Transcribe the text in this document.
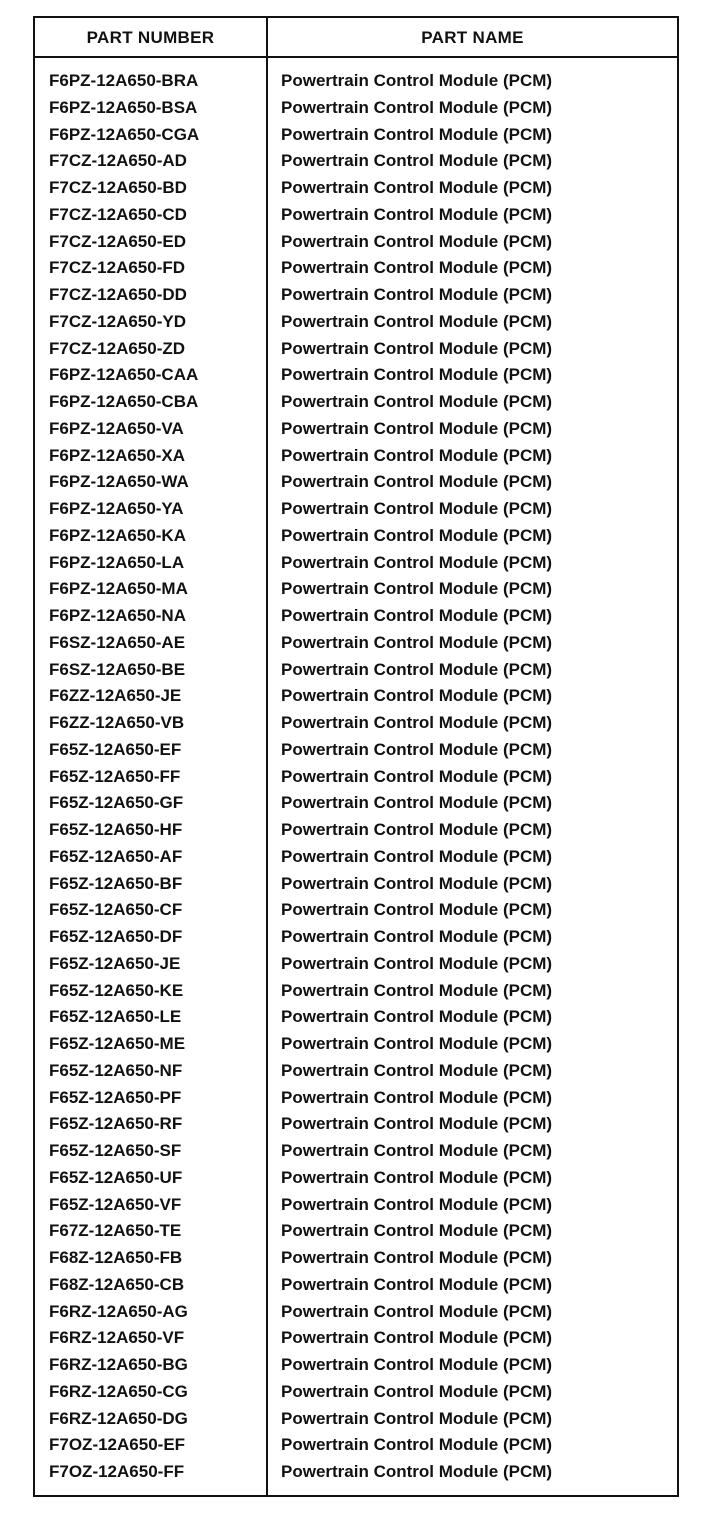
PART NUMBER	PART NAME
F6PZ-12A650-BRA	Powertrain Control Module (PCM)
F6PZ-12A650-BSA	Powertrain Control Module (PCM)
F6PZ-12A650-CGA	Powertrain Control Module (PCM)
F7CZ-12A650-AD	Powertrain Control Module (PCM)
F7CZ-12A650-BD	Powertrain Control Module (PCM)
F7CZ-12A650-CD	Powertrain Control Module (PCM)
F7CZ-12A650-ED	Powertrain Control Module (PCM)
F7CZ-12A650-FD	Powertrain Control Module (PCM)
F7CZ-12A650-DD	Powertrain Control Module (PCM)
F7CZ-12A650-YD	Powertrain Control Module (PCM)
F7CZ-12A650-ZD	Powertrain Control Module (PCM)
F6PZ-12A650-CAA	Powertrain Control Module (PCM)
F6PZ-12A650-CBA	Powertrain Control Module (PCM)
F6PZ-12A650-VA	Powertrain Control Module (PCM)
F6PZ-12A650-XA	Powertrain Control Module (PCM)
F6PZ-12A650-WA	Powertrain Control Module (PCM)
F6PZ-12A650-YA	Powertrain Control Module (PCM)
F6PZ-12A650-KA	Powertrain Control Module (PCM)
F6PZ-12A650-LA	Powertrain Control Module (PCM)
F6PZ-12A650-MA	Powertrain Control Module (PCM)
F6PZ-12A650-NA	Powertrain Control Module (PCM)
F6SZ-12A650-AE	Powertrain Control Module (PCM)
F6SZ-12A650-BE	Powertrain Control Module (PCM)
F6ZZ-12A650-JE	Powertrain Control Module (PCM)
F6ZZ-12A650-VB	Powertrain Control Module (PCM)
F65Z-12A650-EF	Powertrain Control Module (PCM)
F65Z-12A650-FF	Powertrain Control Module (PCM)
F65Z-12A650-GF	Powertrain Control Module (PCM)
F65Z-12A650-HF	Powertrain Control Module (PCM)
F65Z-12A650-AF	Powertrain Control Module (PCM)
F65Z-12A650-BF	Powertrain Control Module (PCM)
F65Z-12A650-CF	Powertrain Control Module (PCM)
F65Z-12A650-DF	Powertrain Control Module (PCM)
F65Z-12A650-JE	Powertrain Control Module (PCM)
F65Z-12A650-KE	Powertrain Control Module (PCM)
F65Z-12A650-LE	Powertrain Control Module (PCM)
F65Z-12A650-ME	Powertrain Control Module (PCM)
F65Z-12A650-NF	Powertrain Control Module (PCM)
F65Z-12A650-PF	Powertrain Control Module (PCM)
F65Z-12A650-RF	Powertrain Control Module (PCM)
F65Z-12A650-SF	Powertrain Control Module (PCM)
F65Z-12A650-UF	Powertrain Control Module (PCM)
F65Z-12A650-VF	Powertrain Control Module (PCM)
F67Z-12A650-TE	Powertrain Control Module (PCM)
F68Z-12A650-FB	Powertrain Control Module (PCM)
F68Z-12A650-CB	Powertrain Control Module (PCM)
F6RZ-12A650-AG	Powertrain Control Module (PCM)
F6RZ-12A650-VF	Powertrain Control Module (PCM)
F6RZ-12A650-BG	Powertrain Control Module (PCM)
F6RZ-12A650-CG	Powertrain Control Module (PCM)
F6RZ-12A650-DG	Powertrain Control Module (PCM)
F7OZ-12A650-EF	Powertrain Control Module (PCM)
F7OZ-12A650-FF	Powertrain Control Module (PCM)
